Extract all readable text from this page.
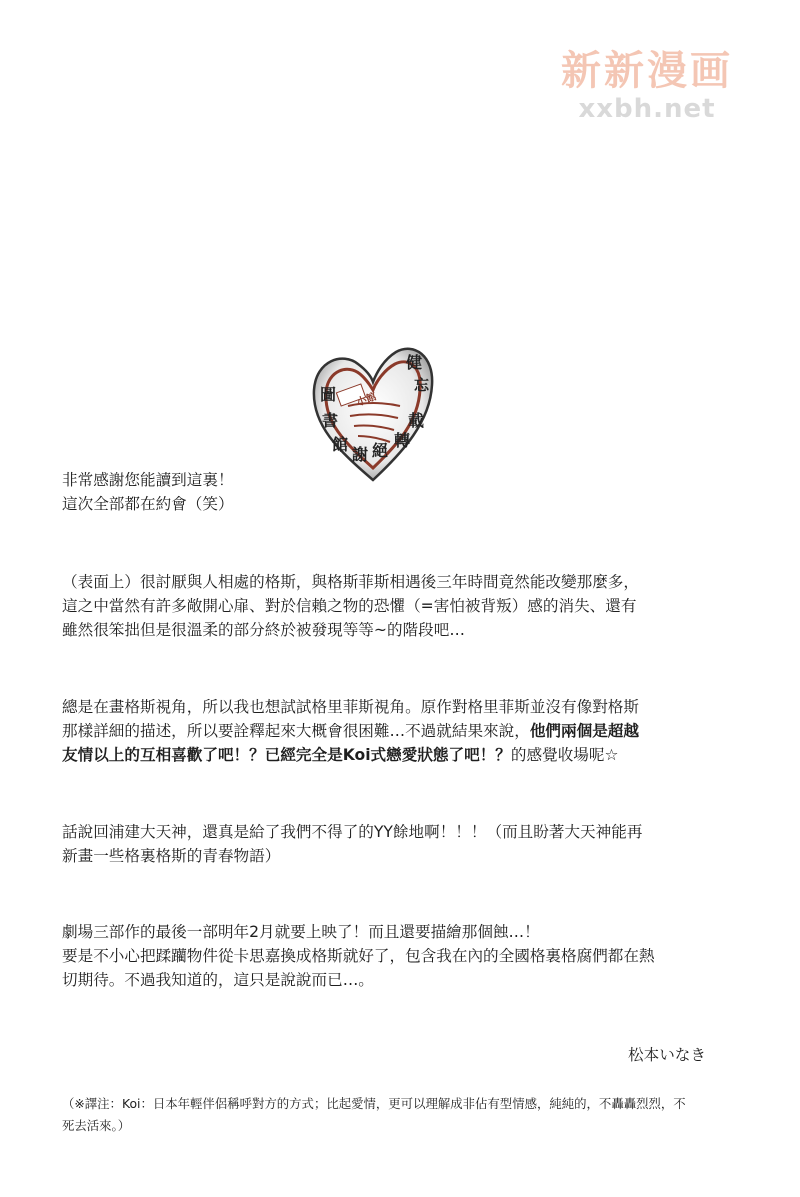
新新漫画
xxbh.net
圖
書
館
謝 絕
轉
載
健
忘
小館
非常感謝您能讀到這裏！
這次全部都在約會（笑）
（表面上）很討厭與人相處的格斯，與格斯菲斯相遇後三年時間竟然能改變那麼多，
這之中當然有許多敞開心扉、對於信賴之物的恐懼（=害怕被背叛）感的消失、還有
雖然很笨拙但是很溫柔的部分終於被發現等等~的階段吧…
總是在畫格斯視角，所以我也想試試格里菲斯視角。原作對格里菲斯並沒有像對格斯
那樣詳細的描述，所以要詮釋起來大概會很困難…不過就結果來說，他們兩個是超越
友情以上的互相喜歡了吧！？已經完全是Koi式戀愛狀態了吧！？的感覺收場呢☆
話說回浦建大天神，還真是給了我們不得了的YY餘地啊！！！（而且盼著大天神能再
新畫一些格裏格斯的青春物語）
劇場三部作的最後一部明年2月就要上映了！而且還要描繪那個蝕…！
要是不小心把蹂躪物件從卡思嘉換成格斯就好了，包含我在內的全國格裏格腐們都在熱
切期待。不過我知道的，這只是說說而已…。
松本いなき
（※譯注：Koi：日本年輕伴侶稱呼對方的方式；比起愛情，更可以理解成非佔有型情感，純純的，不轟轟烈烈，不
死去活來。）
